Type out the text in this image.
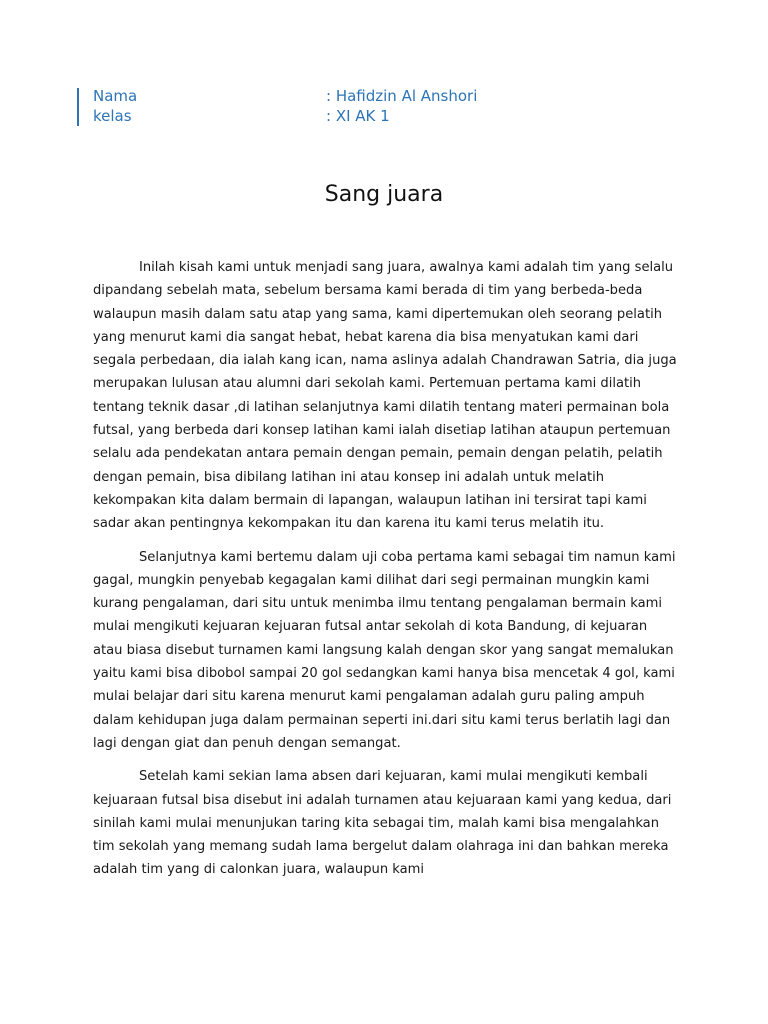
Nama	: Hafidzin Al Anshori
kelas	: XI AK 1
Sang juara

Inilah kisah kami untuk menjadi sang juara, awalnya kami adalah tim yang selalu dipandang sebelah mata, sebelum bersama kami berada di tim yang berbeda-beda walaupun masih dalam satu atap yang sama, kami dipertemukan oleh seorang pelatih yang menurut kami dia sangat hebat, hebat karena dia bisa menyatukan kami dari segala perbedaan, dia ialah kang ican, nama aslinya adalah Chandrawan Satria, dia juga merupakan lulusan atau alumni dari sekolah kami. Pertemuan pertama kami dilatih tentang teknik dasar ,di latihan selanjutnya kami dilatih tentang materi permainan bola futsal, yang berbeda dari konsep latihan kami ialah disetiap latihan ataupun pertemuan selalu ada pendekatan antara pemain dengan pemain, pemain dengan pelatih, pelatih dengan pemain, bisa dibilang latihan ini atau konsep ini adalah untuk melatih kekompakan kita dalam bermain di lapangan, walaupun latihan ini tersirat tapi kami sadar akan pentingnya kekompakan itu dan karena itu kami terus melatih itu.

Selanjutnya kami bertemu dalam uji coba pertama kami sebagai tim namun kami gagal, mungkin penyebab kegagalan kami dilihat dari segi permainan mungkin kami kurang pengalaman, dari situ untuk menimba ilmu tentang pengalaman bermain kami mulai mengikuti kejuaran kejuaran futsal antar sekolah di kota Bandung, di kejuaran atau biasa disebut turnamen kami langsung kalah dengan skor yang sangat memalukan yaitu kami bisa dibobol sampai 20 gol sedangkan kami hanya bisa mencetak 4 gol, kami mulai belajar dari situ karena menurut kami pengalaman adalah guru paling ampuh dalam kehidupan juga dalam permainan seperti ini.dari situ kami terus berlatih lagi dan lagi dengan giat dan penuh dengan semangat.

Setelah kami sekian lama absen dari kejuaran, kami mulai mengikuti kembali kejuaraan futsal bisa disebut ini adalah turnamen atau kejuaraan kami yang kedua, dari sinilah kami mulai menunjukan taring kita sebagai tim, malah kami bisa mengalahkan tim sekolah yang memang sudah lama bergelut dalam olahraga ini dan bahkan mereka adalah tim yang di calonkan juara, walaupun kami
